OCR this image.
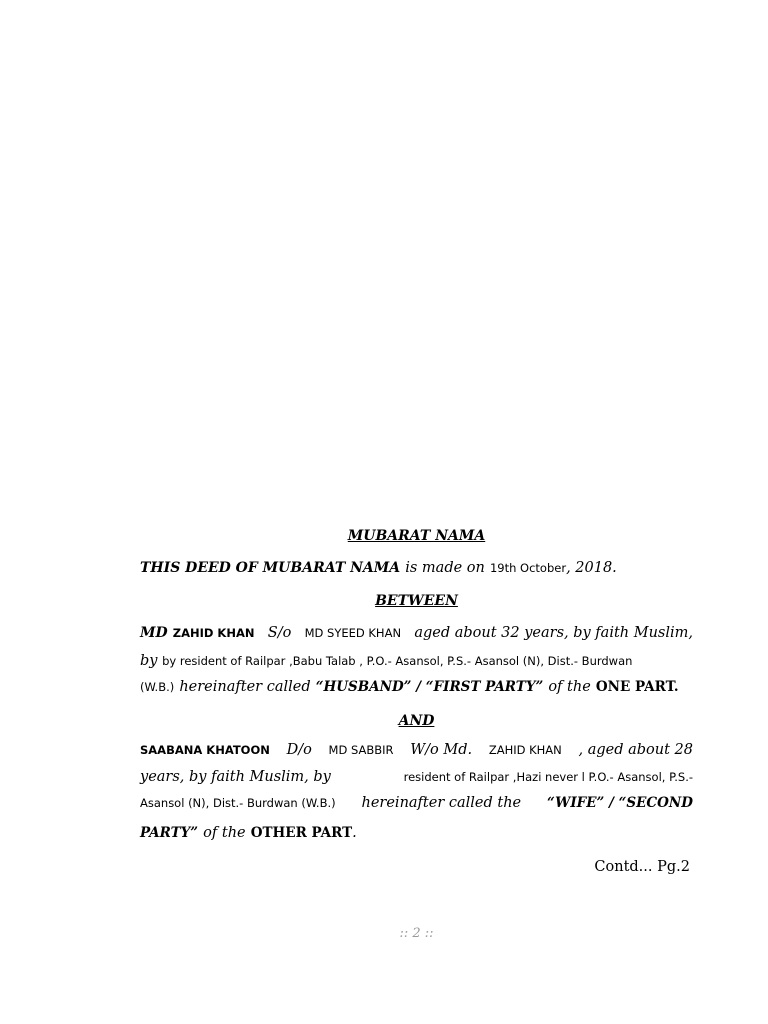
MUBARAT NAMA
THIS DEED OF MUBARAT NAMA is made on 19th October, 2018.
BETWEEN
MD ZAHID KHAN S/o MD SYEED KHAN aged about 32 years, by faith Muslim,
by by resident of Railpar ,Babu Talab , P.O.- Asansol, P.S.- Asansol (N), Dist.- Burdwan
(W.B.) hereinafter called “HUSBAND” / “FIRST PARTY” of the ONE PART.
AND
SAABANA KHATOON D/o MD SABBIR W/o Md. ZAHID KHAN , aged about 28
years, by faith Muslim, by	resident of Railpar ,Hazi never l P.O.- Asansol, P.S.-
Asansol (N), Dist.- Burdwan (W.B.) hereinafter called the “WIFE” / “SECOND
PARTY” of the OTHER PART.
Contd... Pg.2
:: 2 ::
